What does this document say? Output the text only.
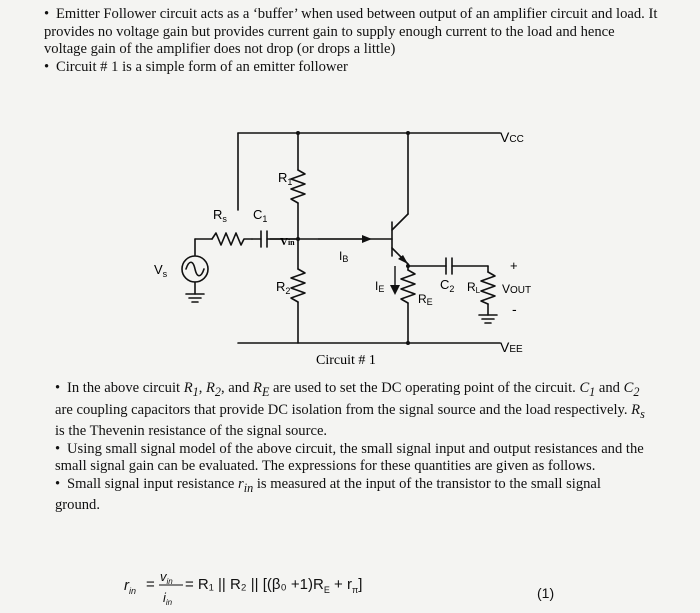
• Emitter Follower circuit acts as a ‘buffer’ when used between output of an amplifier circuit and load. It provides no voltage gain but provides current gain to supply enough current to the load and hence voltage gain of the amplifier does not drop (or drops a little)
• Circuit # 1 is a simple form of an emitter follower
VCC
VEE
$R_1$
$R_2$
$R_s$ $C_1$
Vin
$V_s$
IB
IE
RE
$C_2$ RL
+
VOUT
-
Circuit # 1
• In the above circuit $R_1$, $R_2$, and $R_E$ are used to set the DC operating point of the circuit. $C_1$ and $C_2$ are coupling capacitors that provide DC isolation from the signal source and the load respectively. $R_s$ is the Thevenin resistance of the signal source.
• Using small signal model of the above circuit, the small signal input and output resistances and the small signal gain can be evaluated. The expressions for these quantities are given as follows.
• Small signal input resistance $r_{in}$ is measured at the input of the transistor to the small signal ground.
$r_{in} = v_{in}$
$i_{in}$
= R₁ || R₂ || $[(\beta_0 +1)R_E + r_\pi]$	(1)
